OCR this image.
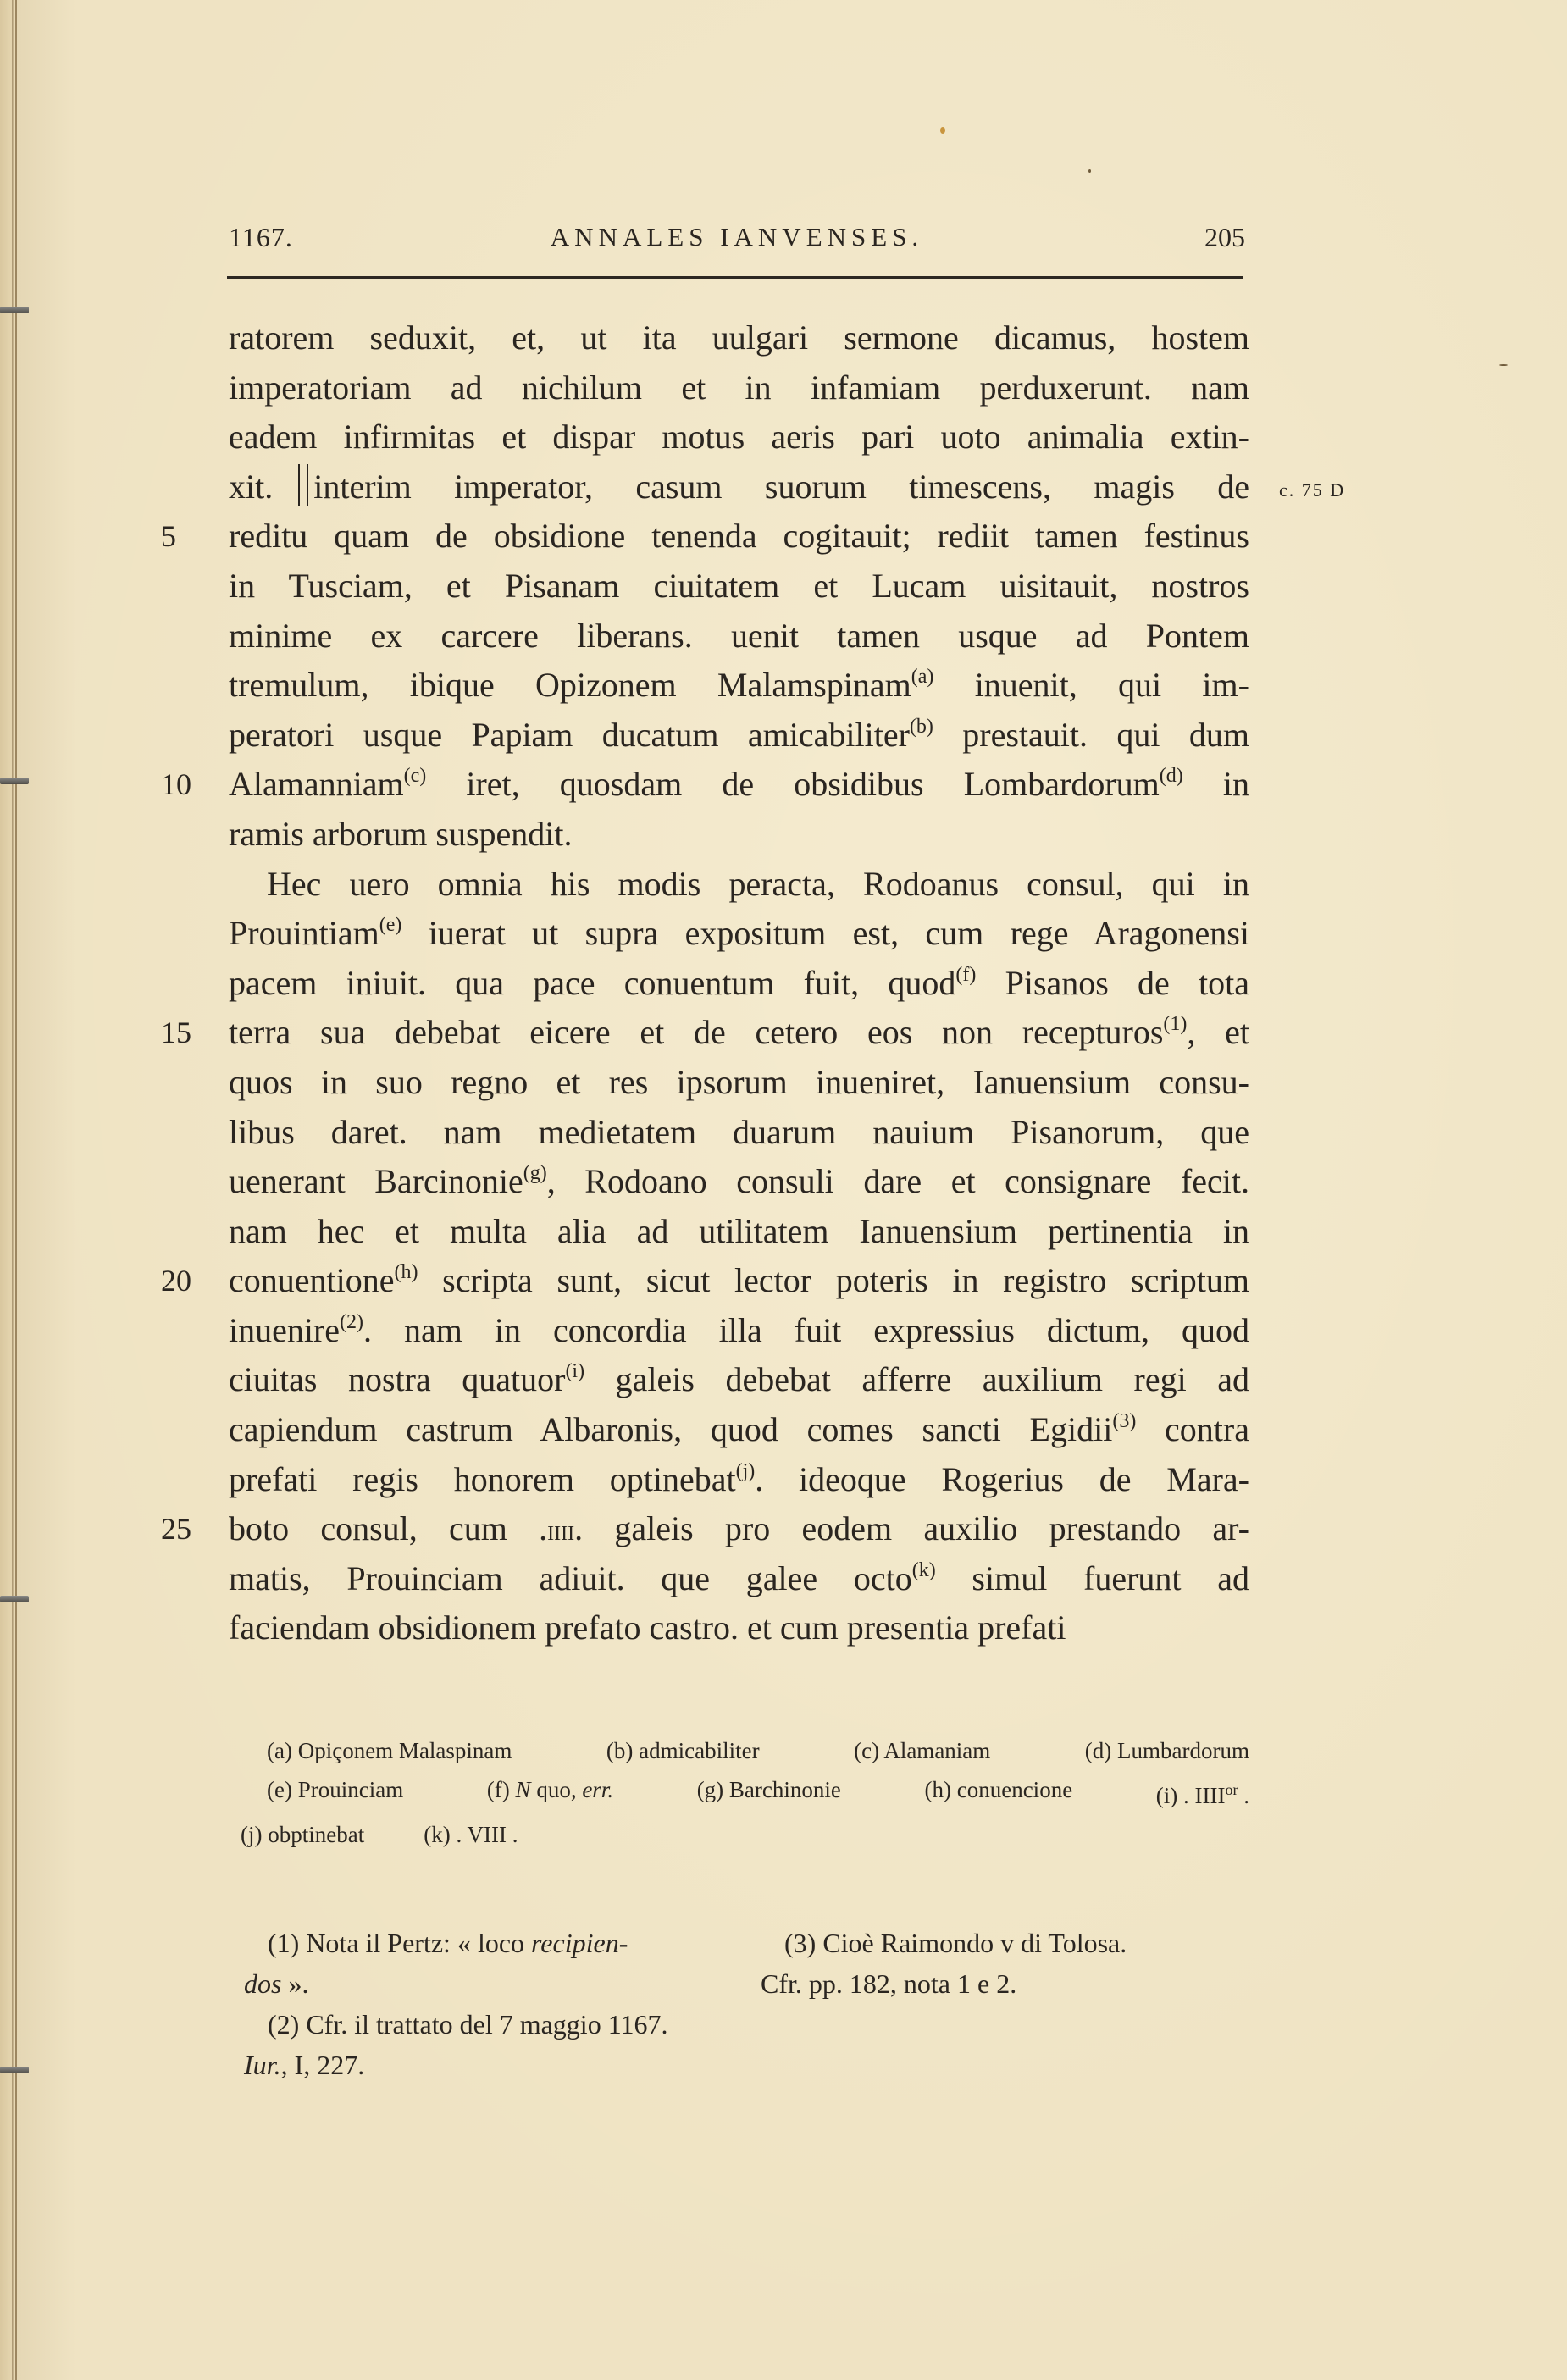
1167.	ANNALES IANVENSES.	205
ratorem seduxit, et, ut ita uulgari sermone dicamus, hostem
imperatoriam ad nichilum et in infamiam perduxerunt. nam
eadem infirmitas et dispar motus aeris pari uoto animalia extin-
xit.	c. 75 D
interim imperator, casum suorum timescens, magis de
5	reditu quam de obsidione tenenda cogitauit; rediit tamen festinus
in Tusciam, et Pisanam ciuitatem et Lucam uisitauit, nostros
minime ex carcere liberans. uenit tamen usque ad Pontem
tremulum, ibique Opizonem Malamspinam$^{(a)}$ inuenit, qui im-
peratori usque Papiam ducatum amicabiliter$^{(b)}$ prestauit. qui dum
10	Alamanniam$^{(c)}$ iret, quosdam de obsidibus Lombardorum$^{(d)}$ in
ramis arborum suspendit.
Hec uero omnia his modis peracta, Rodoanus consul, qui in
Prouintiam$^{(e)}$ iuerat ut supra expositum est, cum rege Aragonensi
pacem iniuit. qua pace conuentum fuit, quod$^{(f)}$ Pisanos de tota
15	terra sua debebat eicere et de cetero eos non recepturos$^{(1)}$, et
quos in suo regno et res ipsorum inueniret, Ianuensium consu-
libus daret. nam medietatem duarum nauium Pisanorum, que
uenerant Barcinonie$^{(g)}$, Rodoano consuli dare et consignare fecit.
nam hec et multa alia ad utilitatem Ianuensium pertinentia in
20	conuentione$^{(h)}$ scripta sunt, sicut lector poteris in registro scriptum
inuenire$^{(2)}$. nam in concordia illa fuit expressius dictum, quod
ciuitas nostra quatuor$^{(i)}$ galeis debebat afferre auxilium regi ad
capiendum castrum Albaronis, quod comes sancti Egidii$^{(3)}$ contra
prefati regis honorem optinebat$^{(j)}$. ideoque Rogerius de Mara-
25	boto consul, cum .iiii. galeis pro eodem auxilio prestando ar-
matis, Prouinciam adiuit. que galee octo$^{(k)}$ simul fuerunt ad
faciendam obsidionem prefato castro. et cum presentia prefati
(a) Opiçonem Malaspinam	(b) admicabiliter	(c) Alamaniam	(d) Lumbardorum
(e) Prouinciam	(f) N quo, err.	(g) Barchinonie	(h) conuencione	(i) . $IIII^{or}$ .
(j) obptinebat	(k) . VIII .
(1) Nota il Pertz: « loco recipien-
dos ».
(2) Cfr. il trattato del 7 maggio 1167.
Iur., I, 227.
(3) Cioè Raimondo v di Tolosa.
Cfr. pp. 182, nota 1 e 2.
